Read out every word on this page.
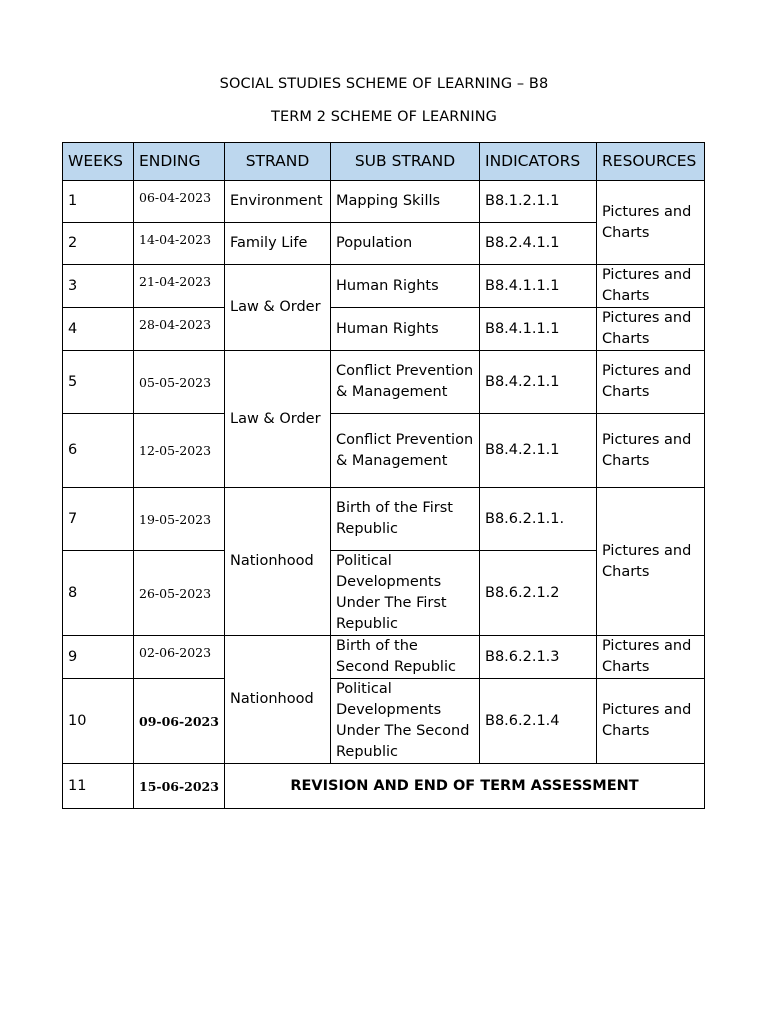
SOCIAL STUDIES SCHEME OF LEARNING – B8
TERM 2 SCHEME OF LEARNING
WEEKS	ENDING	STRAND	SUB STRAND	INDICATORS	RESOURCES
1	06-04-2023	Environment	Mapping Skills	B8.1.2.1.1	Pictures and Charts
2	14-04-2023	Family Life	Population	B8.2.4.1.1	
3	21-04-2023	Law & Order	Human Rights	B8.4.1.1.1	Pictures and Charts
4	28-04-2023		Human Rights	B8.4.1.1.1	Pictures and Charts
5	05-05-2023	Law & Order	Conflict Prevention & Management	B8.4.2.1.1	Pictures and Charts
6	12-05-2023		Conflict Prevention & Management	B8.4.2.1.1	Pictures and Charts
7	19-05-2023	Nationhood	Birth of the First Republic	B8.6.2.1.1.	Pictures and Charts
8	26-05-2023		Political Developments Under The First Republic	B8.6.2.1.2	
9	02-06-2023	Nationhood	Birth of the Second Republic	B8.6.2.1.3	Pictures and Charts
10	09-06-2023		Political Developments Under The Second Republic	B8.6.2.1.4	Pictures and Charts
11	15-06-2023	REVISION AND END OF TERM ASSESSMENT			
